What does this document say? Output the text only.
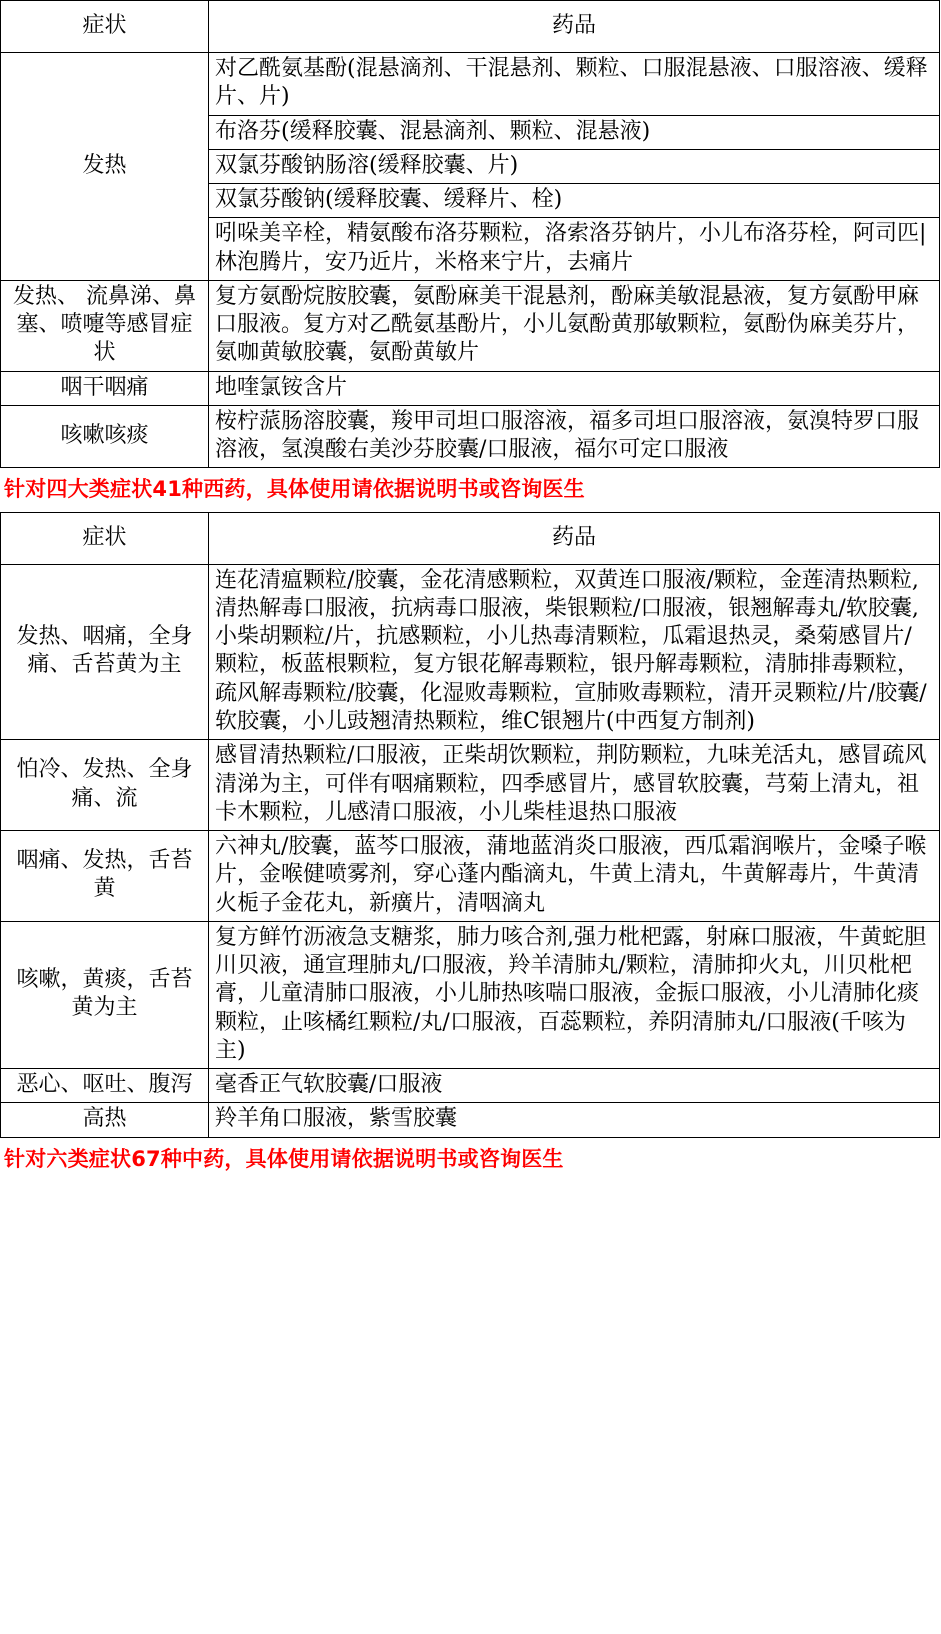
症状	药品
发热	对乙酰氨基酚(混悬滴剂、干混悬剂、颗粒、口服混悬液、口服溶液、缓释片、片)
	布洛芬(缓释胶囊、混悬滴剂、颗粒、混悬液)
	双氯芬酸钠肠溶(缓释胶囊、片)
	双氯芬酸钠(缓释胶囊、缓释片、栓)
	吲哚美辛栓，精氨酸布洛芬颗粒，洛索洛芬钠片，小儿布洛芬栓，阿司匹|林泡腾片，安乃近片，米格来宁片，去痛片
发热、 流鼻涕、鼻塞、喷嚏等感冒症状	复方氨酚烷胺胶囊，氨酚麻美干混悬剂，酚麻美敏混悬液，复方氨酚甲麻口服液。复方对乙酰氨基酚片，小儿氨酚黄那敏颗粒，氨酚伪麻美芬片，氨咖黄敏胶囊，氨酚黄敏片
咽干咽痛	地喹氯铵含片
咳嗽咳痰	桉柠蒎肠溶胶囊，羧甲司坦口服溶液，福多司坦口服溶液，氨溴特罗口服溶液，氢溴酸右美沙芬胶囊/口服液，福尔可定口服液
针对四大类症状41种西药，具体使用请依据说明书或咨询医生
症状	药品
发热、咽痛，全身痛、舌苔黄为主	连花清瘟颗粒/胶囊，金花清感颗粒，双黄连口服液/颗粒，金莲清热颗粒,清热解毒口服液，抗病毒口服液，柴银颗粒/口服液，银翘解毒丸/软胶囊,小柴胡颗粒/片，抗感颗粒，小儿热毒清颗粒，瓜霜退热灵，桑菊感冒片/颗粒，板蓝根颗粒，复方银花解毒颗粒，银丹解毒颗粒，清肺排毒颗粒，疏风解毒颗粒/胶囊，化湿败毒颗粒，宣肺败毒颗粒，清开灵颗粒/片/胶囊/软胶囊，小儿豉翘清热颗粒，维C银翘片(中西复方制剂)
怕冷、发热、全身痛、流	感冒清热颗粒/口服液，正柴胡饮颗粒，荆防颗粒，九味羌活丸，感冒疏风清涕为主，可伴有咽痛颗粒，四季感冒片，感冒软胶囊，芎菊上清丸，祖卡木颗粒，儿感清口服液，小儿柴桂退热口服液
咽痛、发热，舌苔黄	六神丸/胶囊，蓝芩口服液，蒲地蓝消炎口服液，西瓜霜润喉片，金嗓子喉片，金喉健喷雾剂，穿心蓬内酯滴丸，牛黄上清丸，牛黄解毒片，牛黄清火栀子金花丸，新癀片，清咽滴丸
咳嗽，黄痰，舌苔黄为主	复方鲜竹沥液急支糖浆，肺力咳合剂,强力枇杷露，射麻口服液，牛黄蛇胆川贝液，通宣理肺丸/口服液，羚羊清肺丸/颗粒，清肺抑火丸，川贝枇杷膏，儿童清肺口服液，小儿肺热咳喘口服液，金振口服液，小儿清肺化痰颗粒，止咳橘红颗粒/丸/口服液，百蕊颗粒，养阴清肺丸/口服液(千咳为主)
恶心、呕吐、腹泻	毫香正气软胶囊/口服液
高热	羚羊角口服液，紫雪胶囊
针对六类症状67种中药，具体使用请依据说明书或咨询医生
